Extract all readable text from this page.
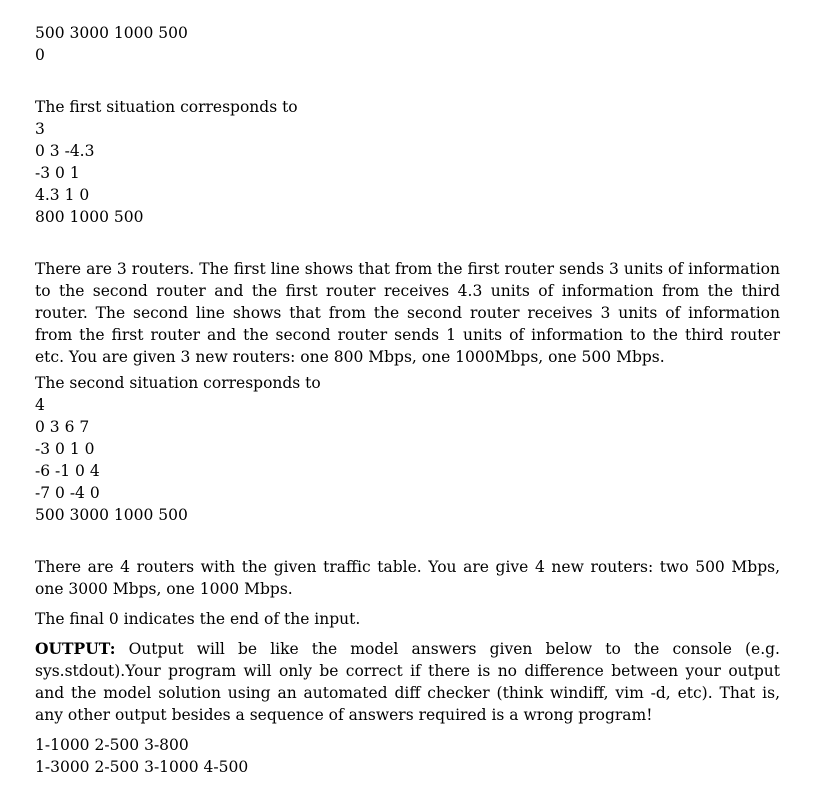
500 3000 1000 500
0
The first situation corresponds to
3
0 3 -4.3
-3 0 1
4.3 1 0
800 1000 500

There are 3 routers. The first line shows that from the first router sends 3 units of information to the second router and the first router receives 4.3 units of information from the third router. The second line shows that from the second router receives 3 units of information from the first router and the second router sends 1 units of information to the third router etc. You are given 3 new routers: one 800 Mbps, one 1000Mbps, one 500 Mbps.

The second situation corresponds to
4
0 3 6 7
-3 0 1 0
-6 -1 0 4
-7 0 -4 0
500 3000 1000 500

There are 4 routers with the given traffic table. You are give 4 new routers: two 500 Mbps, one 3000 Mbps, one 1000 Mbps.

The final 0 indicates the end of the input.

OUTPUT: Output will be like the model answers given below to the console (e.g. sys.stdout).Your program will only be correct if there is no difference between your output and the model solution using an automated diff checker (think windiff, vim -d, etc). That is, any other output besides a sequence of answers required is a wrong program!

1-1000 2-500 3-800
1-3000 2-500 3-1000 4-500
